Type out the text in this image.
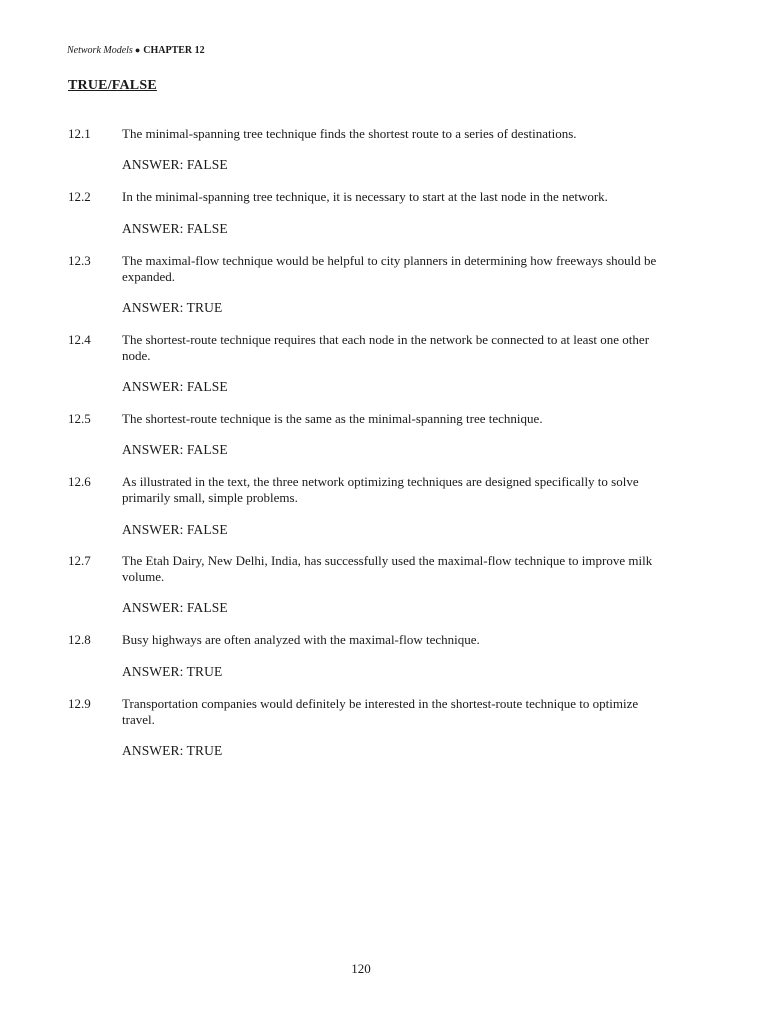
Network Models ● CHAPTER 12
TRUE/FALSE
12.1 The minimal-spanning tree technique finds the shortest route to a series of destinations.
ANSWER: FALSE
12.2 In the minimal-spanning tree technique, it is necessary to start at the last node in the network.
ANSWER: FALSE
12.3 The maximal-flow technique would be helpful to city planners in determining how freeways should be expanded.
ANSWER: TRUE
12.4 The shortest-route technique requires that each node in the network be connected to at least one other node.
ANSWER: FALSE
12.5 The shortest-route technique is the same as the minimal-spanning tree technique.
ANSWER: FALSE
12.6 As illustrated in the text, the three network optimizing techniques are designed specifically to solve primarily small, simple problems.
ANSWER: FALSE
12.7 The Etah Dairy, New Delhi, India, has successfully used the maximal-flow technique to improve milk volume.
ANSWER: FALSE
12.8 Busy highways are often analyzed with the maximal-flow technique.
ANSWER: TRUE
12.9 Transportation companies would definitely be interested in the shortest-route technique to optimize travel.
ANSWER: TRUE
120
